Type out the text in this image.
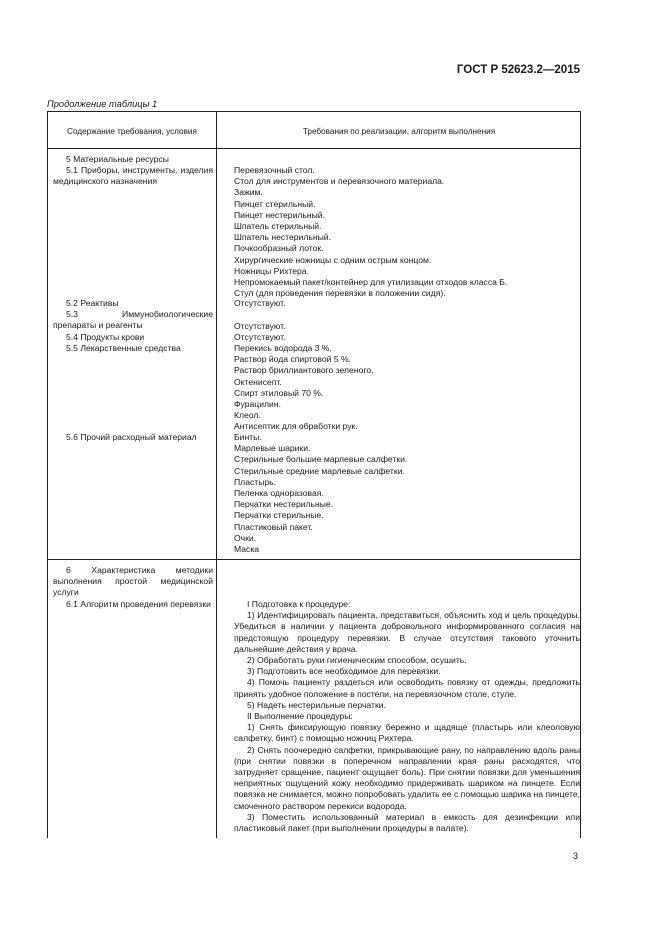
ГОСТ Р 52623.2—2015
Продолжение таблицы 1
Содержание требования, условия	Требования по реализации, алгоритм выполнения
5 Материальные ресурсы
5.1 Приборы, инструменты, изделия медицинского назначения
5.2 Реактивы
5.3 Иммунобиологические препараты и реагенты
5.4 Продукты крови
5.5 Лекарственные средства
5.6 Прочий расходный материал
Перевязочный стол.
Стол для инструментов и перевязочного материала.
Зажим.
Пинцет стерильный.
Пинцет нестерильный.
Шпатель стерильный.
Шпатель нестерильный.
Почкообразный лоток.
Хирургические ножницы с одним острым концом.
Ножницы Рихтера.
Непромокаемый пакет/контейнер для утилизации отходов класса Б.
Стул (для проведения перевязки в положении сидя).
Отсутствуют.
Отсутствуют.
Отсутствуют.
Перекись водорода 3 %.
Раствор йода спиртовой 5 %.
Раствор бриллиантового зеленого.
Октенисепт.
Спирт этиловый 70 %.
Фурацилин.
Клеол.
Антисептик для обработки рук.
Бинты.
Марлевые шарики.
Стерильные большие марлевые салфетки.
Стерильные средние марлевые салфетки.
Пластырь.
Пеленка одноразовая.
Перчатки нестерильные.
Перчатки стерильные.
Пластиковый пакет.
Очки.
Маска
6 Характеристика методики выполнения простой медицинской услуги
6.1 Алгоритм проведения перевязки	I Подготовка к процедуре:
1) Идентифицировать пациента, представиться, объяснить ход и цель процедуры. Убедиться в наличии у пациента добровольного информированного согласия на предстоящую процедуру перевязки. В случае отсутствия такового уточнить дальнейшие действия у врача.
2) Обработать руки гигиеническим способом, осушить.
3) Подготовить все необходимое для перевязки.
4) Помочь пациенту раздеться или освободить повязку от одежды, предложить принять удобное положение в постели, на перевязочном столе, стуле.
5) Надеть нестерильные перчатки.
II Выполнение процедуры:
1) Снять фиксирующую повязку бережно и щадяще (пластырь или клеоловую салфетку, бинт) с помощью ножниц Рихтера.
2) Снять поочередно салфетки, прикрывающие рану, по направлению вдоль раны (при снятии повязки в поперечном направлении края раны расходятся, что затрудняет сращение, пациент ощущает боль). При снятии повязки для уменьшения неприятных ощущений кожу необходимо придерживать шариком на пинцете. Если повязка не снимается, можно попробовать удалить ее с помощью шарика на пинцете, смоченного раствором перекиси водорода.
3) Поместить использованный материал в емкость для дезинфекции или пластиковый пакет (при выполнении процедуры в палате).
3
